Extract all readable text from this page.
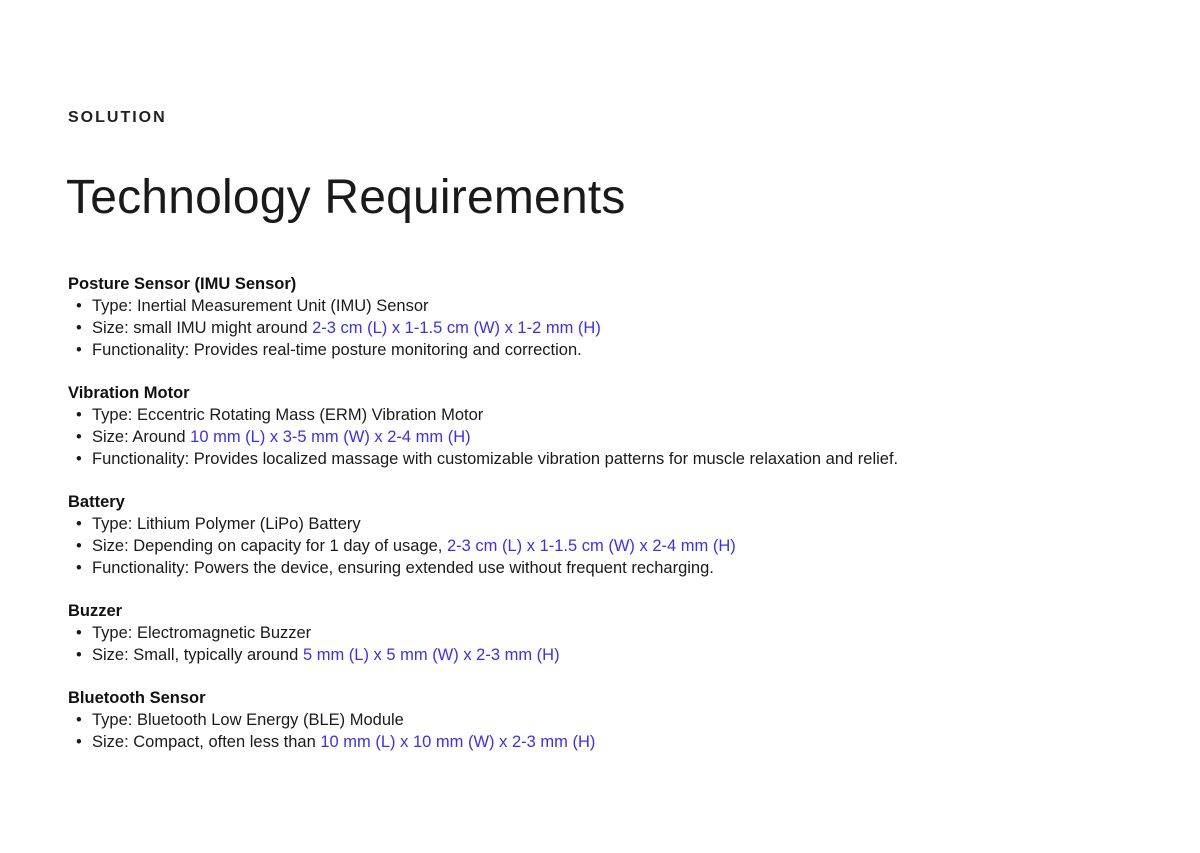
SOLUTION

Technology Requirements
Posture Sensor (IMU Sensor)
• Type: Inertial Measurement Unit (IMU) Sensor
• Size: small IMU might around 2-3 cm (L) x 1-1.5 cm (W) x 1-2 mm (H)
• Functionality: Provides real-time posture monitoring and correction.
Vibration Motor
• Type: Eccentric Rotating Mass (ERM) Vibration Motor
• Size: Around 10 mm (L) x 3-5 mm (W) x 2-4 mm (H)
• Functionality: Provides localized massage with customizable vibration patterns for muscle relaxation and relief.
Battery
• Type: Lithium Polymer (LiPo) Battery
• Size: Depending on capacity for 1 day of usage, 2-3 cm (L) x 1-1.5 cm (W) x 2-4 mm (H)
• Functionality: Powers the device, ensuring extended use without frequent recharging.
Buzzer
• Type: Electromagnetic Buzzer
• Size: Small, typically around 5 mm (L) x 5 mm (W) x 2-3 mm (H)
Bluetooth Sensor
• Type: Bluetooth Low Energy (BLE) Module
• Size: Compact, often less than 10 mm (L) x 10 mm (W) x 2-3 mm (H)
